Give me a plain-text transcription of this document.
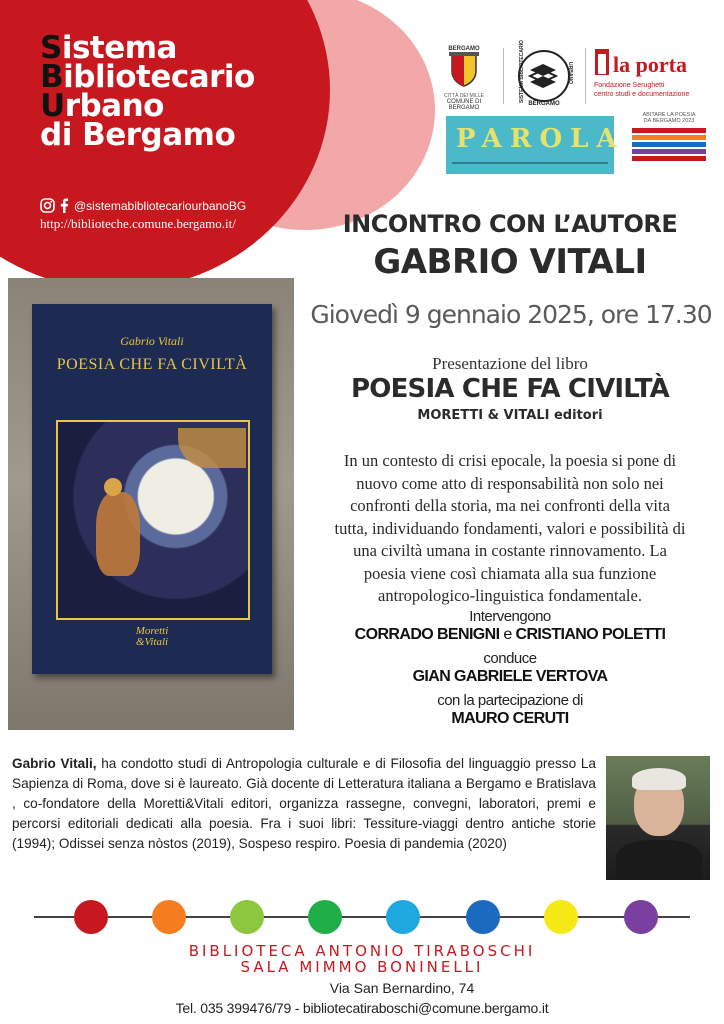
Sistema
Bibliotecario
Urbano
di Bergamo
@sistemabibliotecariourbanoBG
http://biblioteche.comune.bergamo.it/
BERGAMO
CITTÀ DEI MILLE
COMUNE DI BERGAMO
SISTEMA BIBLIOTECARIO	URBANO
BERGAMO
la porta
Fondazione Serughetti
centro studi e documentazione
PAROLA
ABITARE LA POESIA
DA BERGAMO 2023
INCONTRO CON L’AUTORE
GABRIO VITALI
Giovedì 9 gennaio 2025, ore 17.30
Presentazione del libro
POESIA CHE FA CIVILTÀ
MORETTI & VITALI editori

In un contesto di crisi epocale, la poesia si pone di

nuovo come atto di responsabilità non solo nei

confronti della storia, ma nei confronti della vita

tutta, individuando fondamenti, valori e possibilità di

una civiltà umana in costante rinnovamento. La

poesia viene così chiamata alla sua funzione

antropologico-linguistica fondamentale.

Intervengono
CORRADO BENIGNI e CRISTIANO POLETTI
conduce
GIAN GABRIELE VERTOVA
con la partecipazione di
MAURO CERUTI
Gabrio Vitali
POESIA CHE FA CIVILTÀ
Moretti
&Vitali
Gabrio Vitali, ha condotto studi di Antropologia culturale e di Filosofia del linguaggio presso La Sapienza di Roma, dove si è laureato. Già docente di Letteratura italiana a Bergamo e Bratislava , co-fondatore della Moretti&Vitali editori, organizza rassegne, convegni, laboratori, premi e percorsi editoriali dedicati alla poesia. Fra i suoi libri: Tessiture-viaggi dentro antiche storie (1994); Odissei senza nòstos (2019), Sospeso respiro. Poesia di pandemia (2020)
BIBLIOTECA ANTONIO TIRABOSCHI
SALA MIMMO BONINELLI
Via San Bernardino, 74
Tel. 035 399476/79 - bibliotecatiraboschi@comune.bergamo.it
